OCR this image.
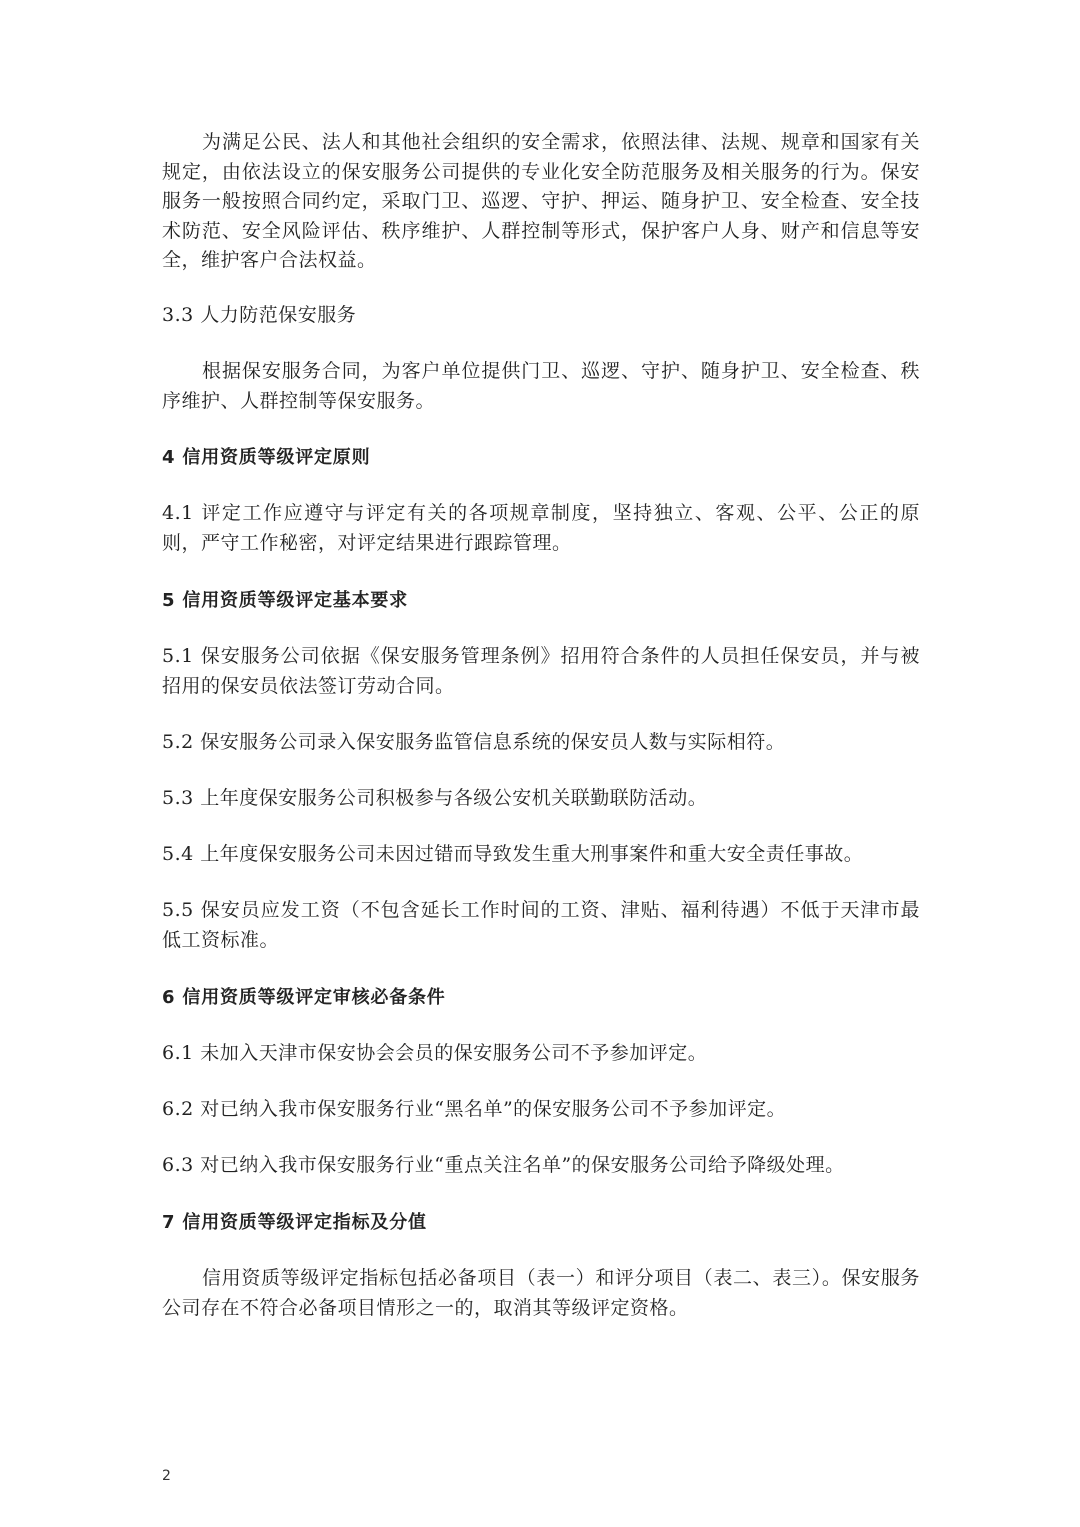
为满足公民、法人和其他社会组织的安全需求，依照法律、法规、规章和国家有关规定，由依法设立的保安服务公司提供的专业化安全防范服务及相关服务的行为。保安服务一般按照合同约定，采取门卫、巡逻、守护、押运、随身护卫、安全检查、安全技术防范、安全风险评估、秩序维护、人群控制等形式，保护客户人身、财产和信息等安全，维护客户合法权益。

3.3 人力防范保安服务

根据保安服务合同，为客户单位提供门卫、巡逻、守护、随身护卫、安全检查、秩序维护、人群控制等保安服务。

4 信用资质等级评定原则

4.1 评定工作应遵守与评定有关的各项规章制度，坚持独立、客观、公平、公正的原则，严守工作秘密，对评定结果进行跟踪管理。

5 信用资质等级评定基本要求

5.1 保安服务公司依据《保安服务管理条例》招用符合条件的人员担任保安员，并与被招用的保安员依法签订劳动合同。

5.2 保安服务公司录入保安服务监管信息系统的保安员人数与实际相符。

5.3 上年度保安服务公司积极参与各级公安机关联勤联防活动。

5.4 上年度保安服务公司未因过错而导致发生重大刑事案件和重大安全责任事故。

5.5 保安员应发工资（不包含延长工作时间的工资、津贴、福利待遇）不低于天津市最低工资标准。

6 信用资质等级评定审核必备条件

6.1 未加入天津市保安协会会员的保安服务公司不予参加评定。

6.2 对已纳入我市保安服务行业“黑名单”的保安服务公司不予参加评定。

6.3 对已纳入我市保安服务行业“重点关注名单”的保安服务公司给予降级处理。

7 信用资质等级评定指标及分值

信用资质等级评定指标包括必备项目（表一）和评分项目（表二、表三）。保安服务公司存在不符合必备项目情形之一的，取消其等级评定资格。

2
